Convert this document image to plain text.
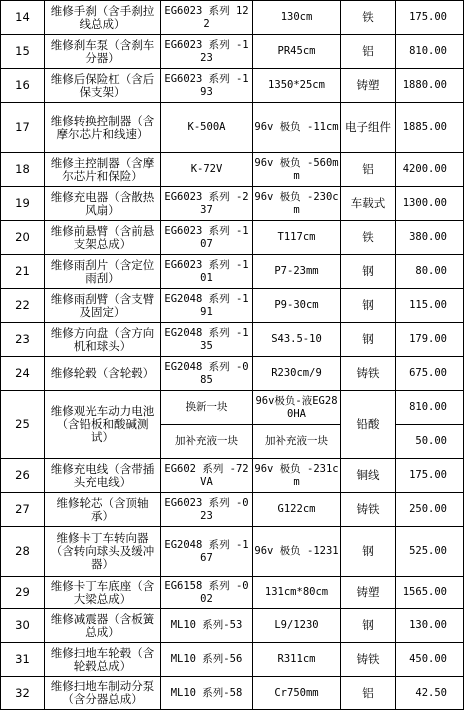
14	维修手刹（含手刹拉线总成）	EG6023 系列 122	130cm	铁	175.00
15	维修刹车泵（含刹车分器）	EG6023 系列 -123	PR45cm	铝	810.00
16	维修后保险杠（含后保支架）	EG6023 系列 -193	1350*25cm	铸塑	1880.00
17	维修转换控制器（含摩尔芯片和线速）	K-500A	96v 极负 -11cm	电子组件	1885.00
18	维修主控制器（含摩尔芯片和保险）	K-72V	96v 极负 -560mm	铝	4200.00
19	维修充电器（含散热风扇）	EG6023 系列 -237	96v 极负 -230cm	车载式	1300.00
20	维修前悬臂（含前悬支架总成）	EG6023 系列 -107	T117cm	铁	380.00
21	维修雨刮片（含定位雨刮）	EG6023 系列 -101	P7-23mm	钢	80.00
22	维修雨刮臂（含支臂及固定）	EG2048 系列 -191	P9-30cm	钢	115.00
23	维修方向盘（含方向机和球头）	EG2048 系列 -135	S43.5-10	钢	179.00
24	维修轮毂（含轮毂）	EG2048 系列 -085	R230cm/9	铸铁	675.00
25	维修观光车动力电池（含铅板和酸碱测试）	换新一块	96v极负-液EG280HA	铅酸	810.00
		加补充液一块	加补充液一块		50.00
26	维修充电线（含带插头充电线）	EG602 系列 -72VA	96v 极负 -231cm	铜线	175.00
27	维修轮芯（含顶轴承）	EG6023 系列 -023	G122cm	铸铁	250.00
28	维修卡丁车转向器（含转向球头及缓冲器）	EG2048 系列 -167	96v 极负 -1231	钢	525.00
29	维修卡丁车底座（含大梁总成）	EG6158 系列 -002	131cm*80cm	铸塑	1565.00
30	维修减震器（含板簧总成）	ML10 系列-53	L9/1230	钢	130.00
31	维修扫地车轮毂（含轮毂总成）	ML10 系列-56	R311cm	铸铁	450.00
32	维修扫地车制动分泵（含分器总成）	ML10 系列-58	Cr750mm	铝	42.50
